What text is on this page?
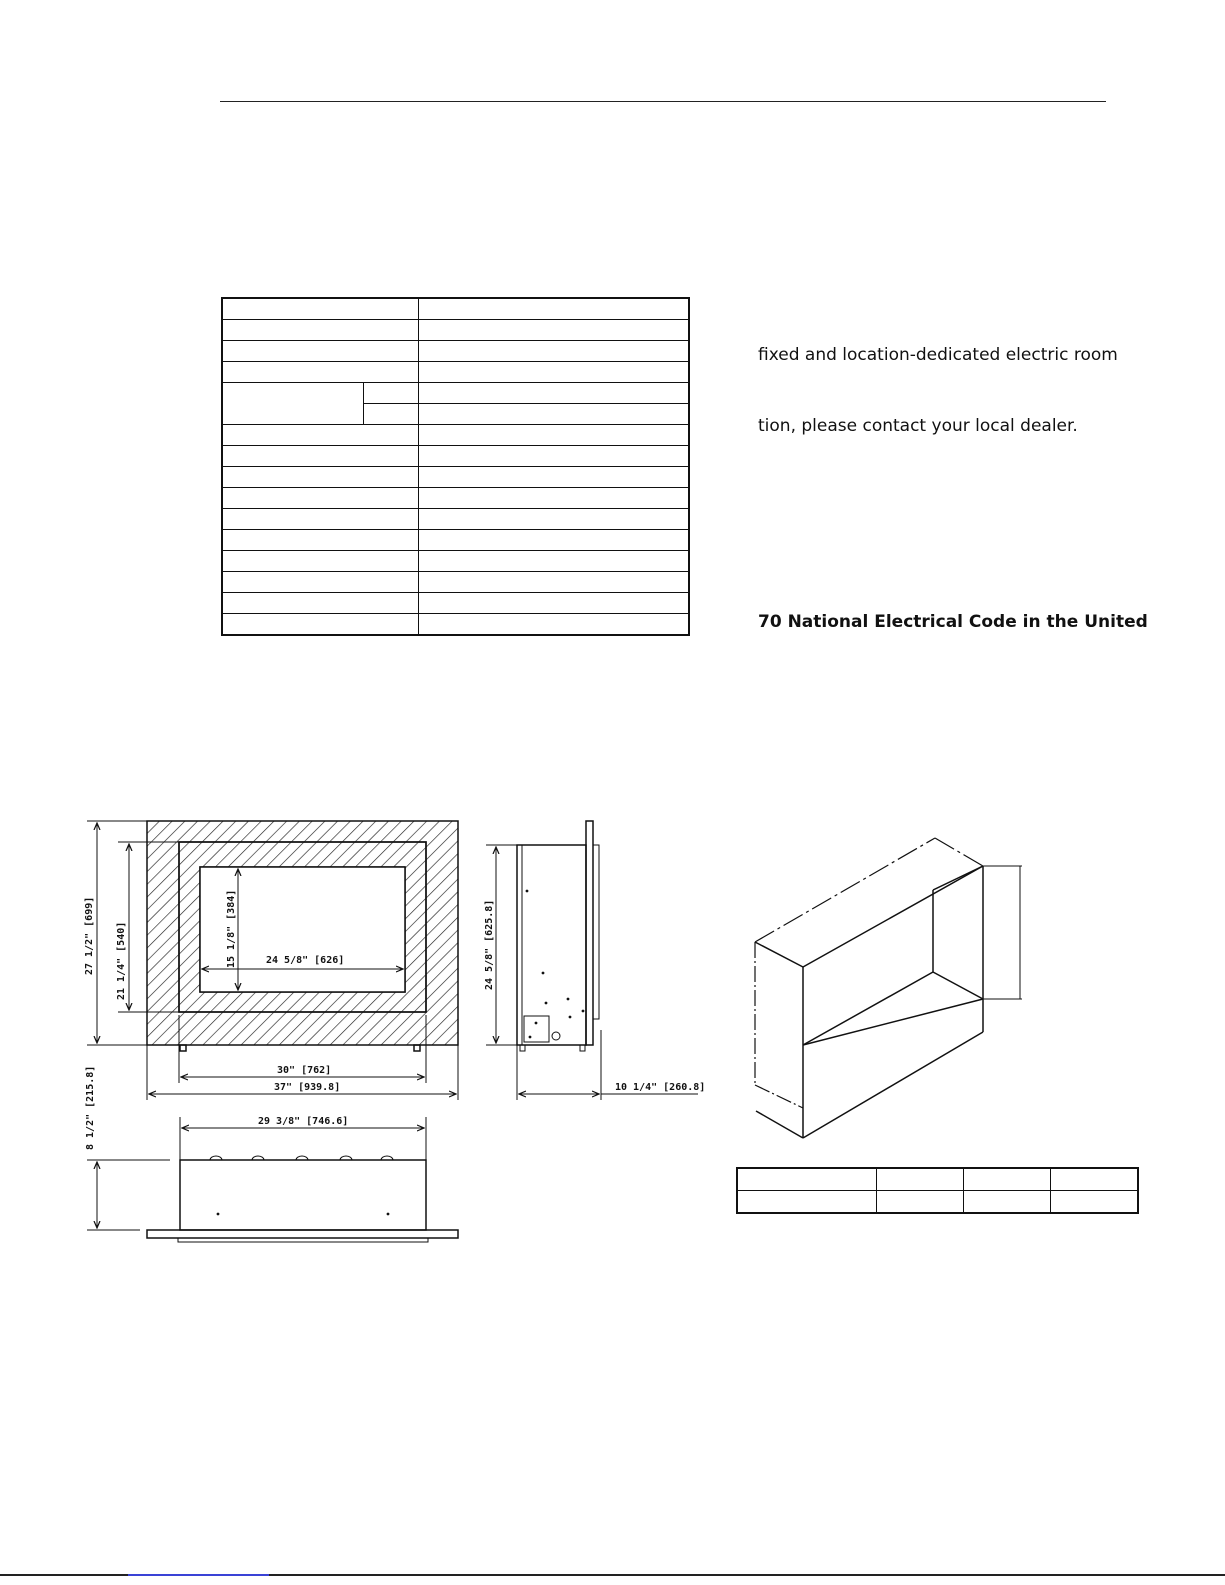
fixed and location-dedicated electric room
tion, please contact your local dealer.
70 National Electrical Code in the United
27 1/2" [699] 21 1/4" [540]	15 1/8" [384]	24 5/8" [626]
30" [762]
37" [939.8]
24 5/8" [625.8]
10 1/4" [260.8]
8 1/2" [215.8]	29 3/8" [746.6]
